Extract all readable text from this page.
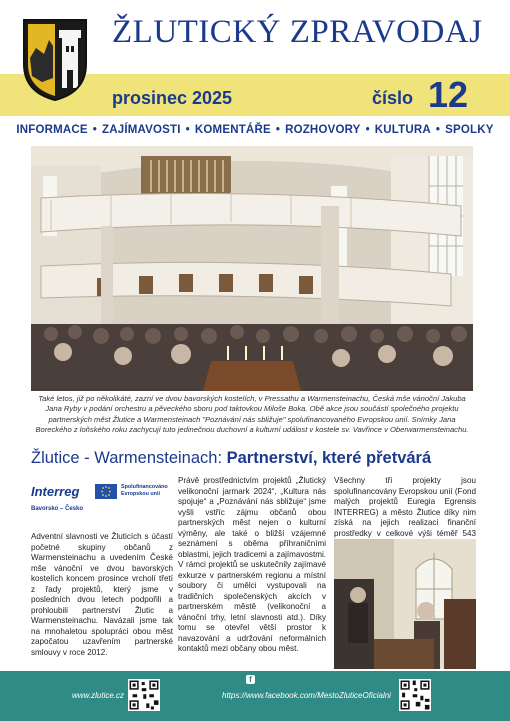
ŽLUTICKÝ ZPRAVODAJ
prosinec 2025	číslo 12
INFORMACE • ZAJÍMAVOSTI • KOMENTÁŘE • ROZHOVORY • KULTURA • SPOLKY
Také letos, již po několikáté, zazní ve dvou bavorských kostelích, v Pressathu a Warmensteinachu, Česká mše vánoční Jakuba Jana Ryby v podání orchestru a pěveckého sboru pod taktovkou Miloše Boka. Obě akce jsou součástí společného projektu partnerských měst Žlutice a Warmensteinach "Poznávání nás sbližuje" spolufinancovaného Evropskou unií. Snímky Jana Boreckého z loňského roku zachycují tuto jedinečnou duchovní a kulturní událost v kostele sv. Vavřince v Oberwarmensteinachu.
Žlutice - Warmensteinach: Partnerství, které přetvárá
Interreg	Spolufinancováno Evropskou unií
Bavorsko – Česko
Adventní slavnosti ve Žluticích s účastí početné skupiny občanů z Warmensteinachu a uvedením České mše vánoční ve dvou bavorských kostelích koncem prosince vrcholí třetí z řady projektů, který jsme v posledních dvou letech podpořili a prohloubili partnerství Žlutic a Warmensteinachu. Navázali jsme tak na mnohaletou spolupráci obou měst započatou uzavřením partnerské smlouvy v roce 2012.
Právě prostřednictvím projektů „Žlutický velikonoční jarmark 2024“, „Kultura nás spojuje“ a „Poznávání nás sbližuje“ jsme vyšli vstříc zájmu občanů obou partnerských měst nejen o kulturní výměny, ale také o bližší vzájemné seznámení s oběma příhraničními oblastmi, jejich tradicemi a zajímavostmi. V rámci projektů se uskutečnily zajímavé exkurze v partnerském regionu a místní soubory či umělci vystupovali na tradičních společenských akcích v partnerském městě (velikonoční a vánoční trhy, letní slavnosti atd.). Díky tomu se otevřel větší prostor k navazování a udržování neformálních kontaktů mezi občany obou měst.
Všechny tři projekty jsou spolufinancovány Evropskou unií (Fond malých projektů Euregia Egrensis INTERREG) a město Žlutice díky nim získá na jejich realizaci finanční prostředky v celkové výši téměř 543
www.zlutice.cz
f
https://www.facebook.com/MestoZluticeOficialni
